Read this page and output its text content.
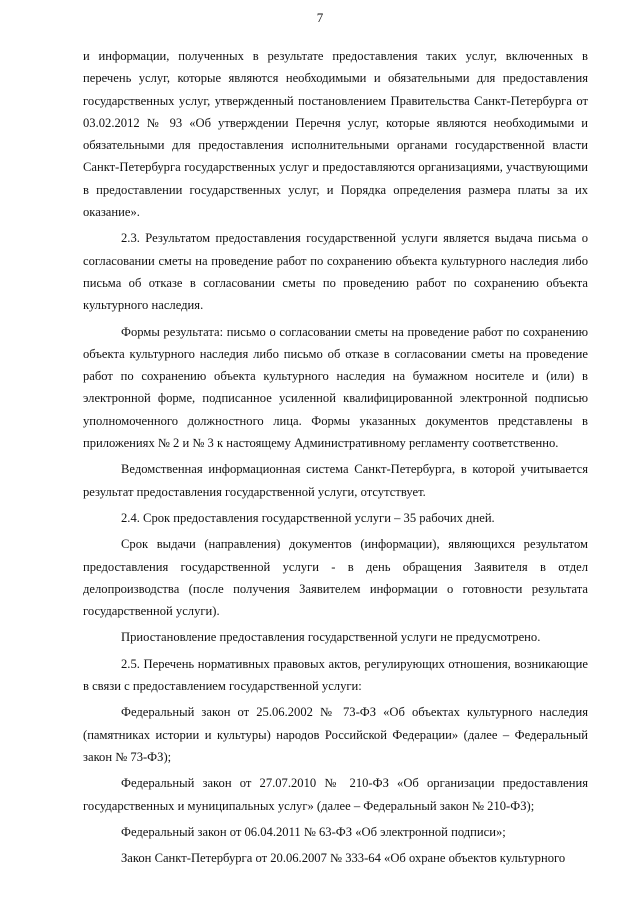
7

и информации, полученных в результате предоставления таких услуг, включенных в перечень услуг, которые являются необходимыми и обязательными для предоставления государственных услуг, утвержденный постановлением Правительства Санкт-Петербурга от 03.02.2012 № 93 «Об утверждении Перечня услуг, которые являются необходимыми и обязательными для предоставления исполнительными органами государственной власти Санкт-Петербурга государственных услуг и предоставляются организациями, участвующими в предоставлении государственных услуг, и Порядка определения размера платы за их оказание».

2.3. Результатом предоставления государственной услуги является выдача письма о согласовании сметы на проведение работ по сохранению объекта культурного наследия либо письма об отказе в согласовании сметы по проведению работ по сохранению объекта культурного наследия.

Формы результата: письмо о согласовании сметы на проведение работ по сохранению объекта культурного наследия либо письмо об отказе в согласовании сметы на проведение работ по сохранению объекта культурного наследия на бумажном носителе и (или) в электронной форме, подписанное усиленной квалифицированной электронной подписью уполномоченного должностного лица. Формы указанных документов представлены в приложениях № 2 и № 3 к настоящему Административному регламенту соответственно.

Ведомственная информационная система Санкт-Петербурга, в которой учитывается результат предоставления государственной услуги, отсутствует.

2.4. Срок предоставления государственной услуги – 35 рабочих дней.

Срок выдачи (направления) документов (информации), являющихся результатом предоставления государственной услуги - в день обращения Заявителя в отдел делопроизводства (после получения Заявителем информации о готовности результата государственной услуги).

Приостановление предоставления государственной услуги не предусмотрено.

2.5. Перечень нормативных правовых актов, регулирующих отношения, возникающие в связи с предоставлением государственной услуги:

Федеральный закон от 25.06.2002 № 73-ФЗ «Об объектах культурного наследия (памятниках истории и культуры) народов Российской Федерации» (далее – Федеральный закон № 73-ФЗ);

Федеральный закон от 27.07.2010 № 210-ФЗ «Об организации предоставления государственных и муниципальных услуг» (далее – Федеральный закон № 210-ФЗ);

Федеральный закон от 06.04.2011 № 63-ФЗ «Об электронной подписи»;

Закон Санкт-Петербурга от 20.06.2007 № 333-64 «Об охране объектов культурного
